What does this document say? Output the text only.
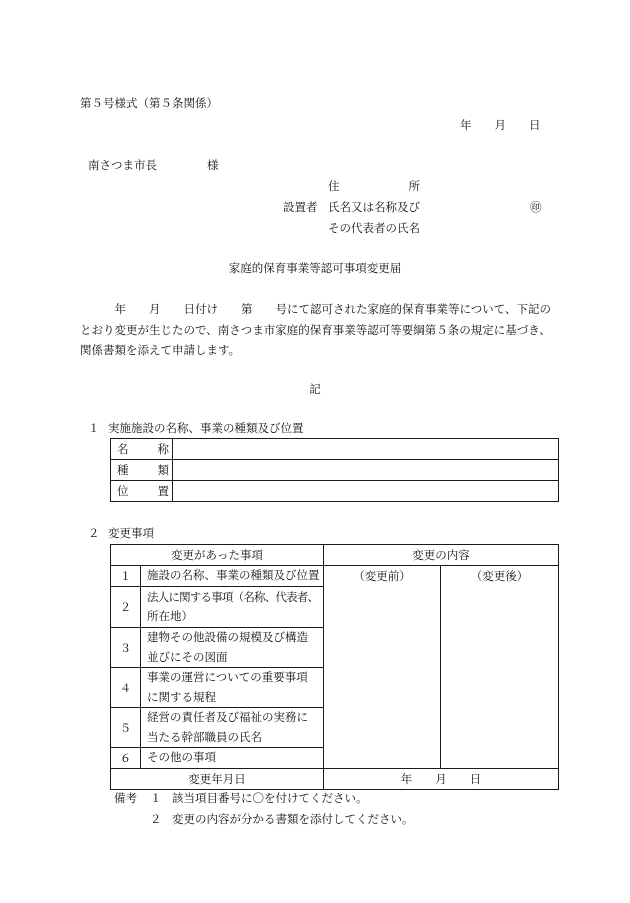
第５号様式（第５条関係）
年　　月　　日
南さつま市長	様
住　　　　　　所
設置者 氏名又は名称及び	㊞
その代表者の氏名
家庭的保育事業等認可事項変更届
　　　年　　月　　日付け　　第　　号にて認可された家庭的保育事業等について、下記の
とおり変更が生じたので、南さつま市家庭的保育事業等認可等要綱第５条の規定に基づき、
関係書類を添えて申請します。
記
１ 実施施設の名称、事業の種類及び位置
名　　称	
種　　類	
位　　置	
２ 変更事項
変更があった事項		変更の内容	
１	施設の名称、事業の種類及び位置	（変更前）	（変更後）
２	法人に関する事項（名称、代表者、
所在地）		

３	建物その他設備の規模及び構造
並びにその図面		

４	事業の運営についての重要事項
に関する規程		

５	経営の責任者及び福祉の実務に
当たる幹部職員の氏名		

６	その他の事項		

変更年月日		年　　月　　日	
備考 １ 該当項目番号に〇を付けてください。
２ 変更の内容が分かる書類を添付してください。
